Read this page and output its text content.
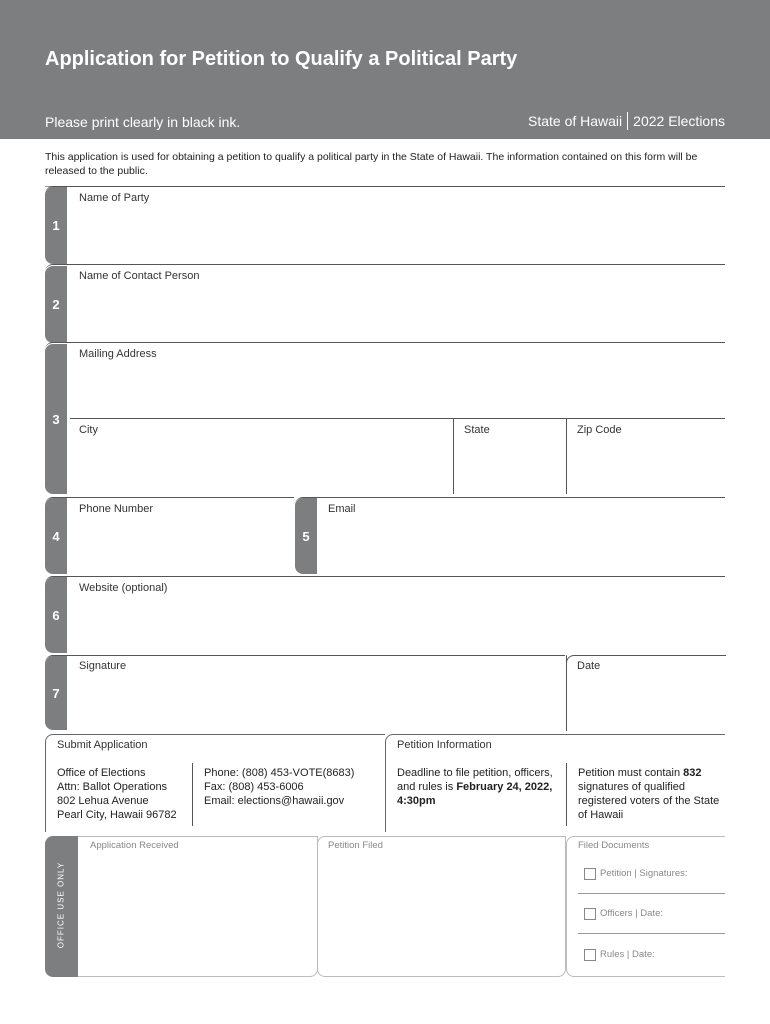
Application for Petition to Qualify a Political Party
Please print clearly in black ink.	State of Hawaii 2022 Elections
This application is used for obtaining a petition to qualify a political party in the State of Hawaii. The information contained on this form will be released to the public.
1
Name of Party
2
Name of Contact Person
3
Mailing Address
City	State	Zip Code
4
Phone Number
5
Email
6
Website (optional)
7
Signature	Date
Submit Application
Office of Elections
Attn: Ballot Operations
802 Lehua Avenue
Pearl City, Hawaii 96782
Phone: (808) 453-VOTE(8683)
Fax: (808) 453-6006
Email: elections@hawaii.gov
Petition Information
Deadline to file petition, officers, and rules is February 24, 2022, 4:30pm
Petition must contain 832 signatures of qualified registered voters of the State of Hawaii
OFFICE USE ONLY
Application Received	Petition Filed	Filed Documents
Petition | Signatures:
Officers | Date:
Rules | Date:
